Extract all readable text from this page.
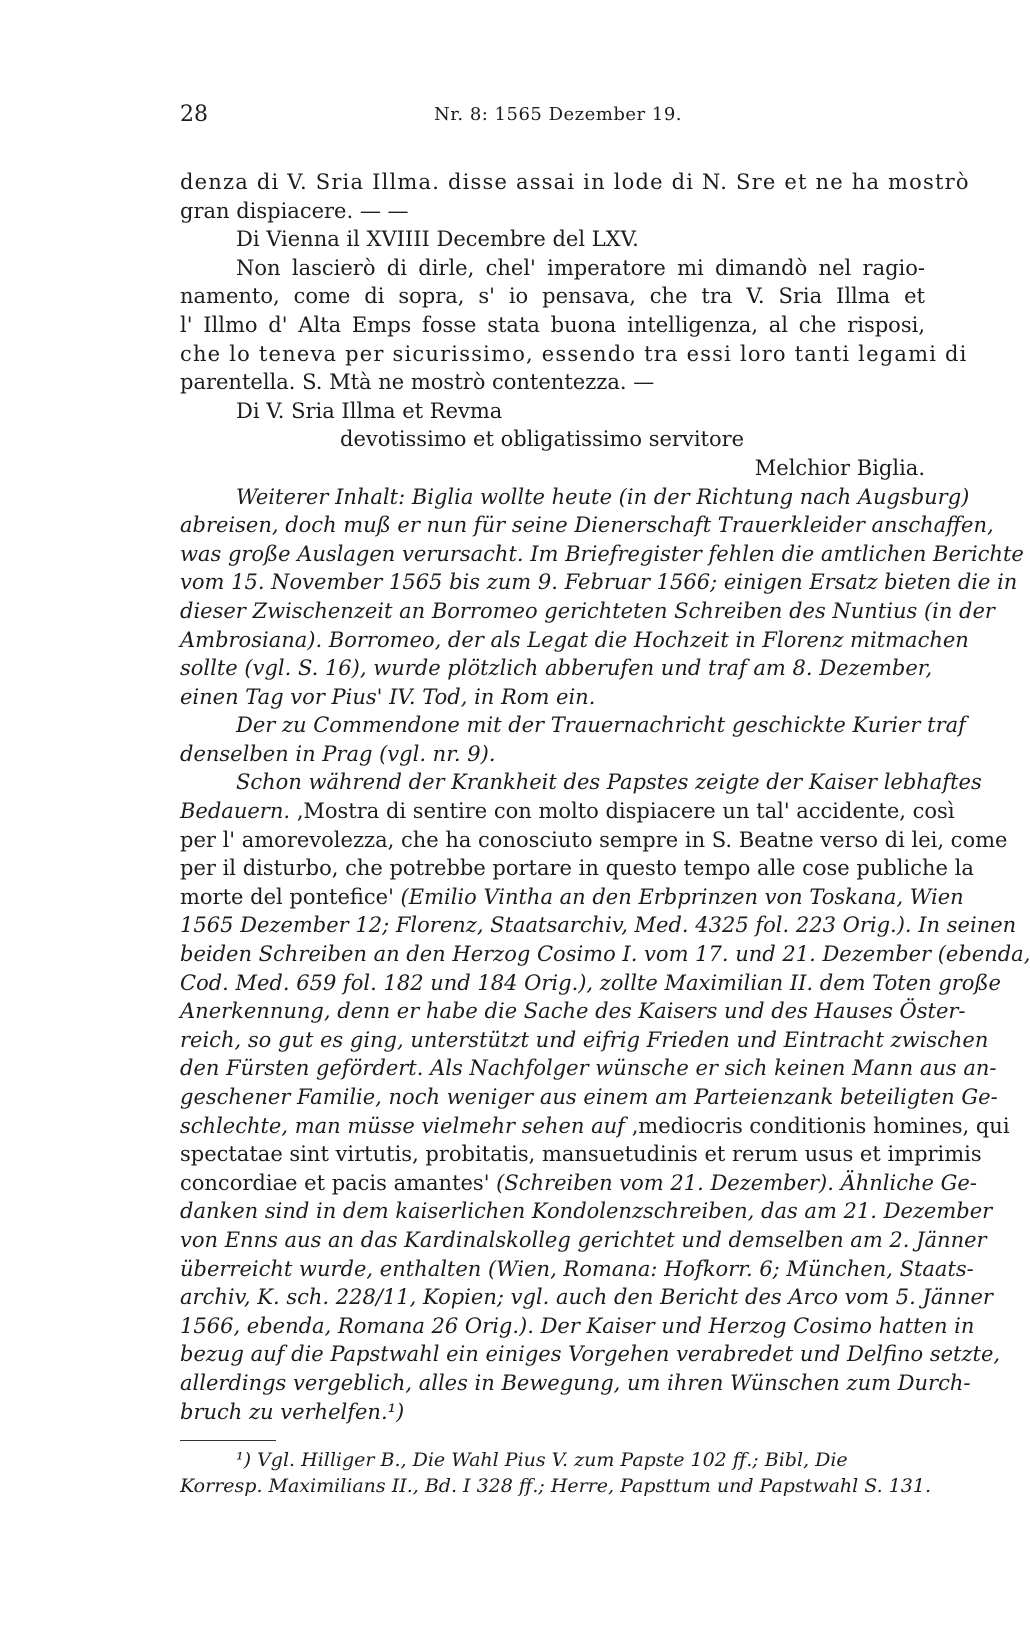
28	Nr. 8: 1565 Dezember 19.
denza di V. Sria Illma. disse assai in lode di N. Sre et ne ha mostrò
gran dispiacere. — —
Di Vienna il XVIIII Decembre del LXV.
Non lascierò di dirle, chel' imperatore mi dimandò nel ragio-
namento, come di sopra, s' io pensava, che tra V. Sria Illma et
l' Illmo d' Alta Emps fosse stata buona intelligenza, al che risposi,
che lo teneva per sicurissimo, essendo tra essi loro tanti legami di
parentella. S. Mtà ne mostrò contentezza. —
Di V. Sria Illma et Revma
devotissimo et obligatissimo servitore
Melchior Biglia.
Weiterer Inhalt: Biglia wollte heute (in der Richtung nach Augsburg)
abreisen, doch muß er nun für seine Dienerschaft Trauerkleider anschaffen,
was große Auslagen verursacht. Im Briefregister fehlen die amtlichen Berichte
vom 15. November 1565 bis zum 9. Februar 1566; einigen Ersatz bieten die in
dieser Zwischenzeit an Borromeo gerichteten Schreiben des Nuntius (in der
Ambrosiana). Borromeo, der als Legat die Hochzeit in Florenz mitmachen
sollte (vgl. S. 16), wurde plötzlich abberufen und traf am 8. Dezember,
einen Tag vor Pius' IV. Tod, in Rom ein.
Der zu Commendone mit der Trauernachricht geschickte Kurier traf
denselben in Prag (vgl. nr. 9).
Schon während der Krankheit des Papstes zeigte der Kaiser lebhaftes
Bedauern. ‚Mostra di sentire con molto dispiacere un tal' accidente, così
per l' amorevolezza, che ha conosciuto sempre in S. Beatne verso di lei, come
per il disturbo, che potrebbe portare in questo tempo alle cose publiche la
morte del pontefice' (Emilio Vintha an den Erbprinzen von Toskana, Wien
1565 Dezember 12; Florenz, Staatsarchiv, Med. 4325 fol. 223 Orig.). In seinen
beiden Schreiben an den Herzog Cosimo I. vom 17. und 21. Dezember (ebenda,
Cod. Med. 659 fol. 182 und 184 Orig.), zollte Maximilian II. dem Toten große
Anerkennung, denn er habe die Sache des Kaisers und des Hauses Öster-
reich, so gut es ging, unterstützt und eifrig Frieden und Eintracht zwischen
den Fürsten gefördert. Als Nachfolger wünsche er sich keinen Mann aus an-
geschener Familie, noch weniger aus einem am Parteienzank beteiligten Ge-
schlechte, man müsse vielmehr sehen auf ‚mediocris conditionis homines, qui
spectatae sint virtutis, probitatis, mansuetudinis et rerum usus et imprimis
concordiae et pacis amantes' (Schreiben vom 21. Dezember). Ähnliche Ge-
danken sind in dem kaiserlichen Kondolenzschreiben, das am 21. Dezember
von Enns aus an das Kardinalskolleg gerichtet und demselben am 2. Jänner
überreicht wurde, enthalten (Wien, Romana: Hofkorr. 6; München, Staats-
archiv, K. sch. 228/11, Kopien; vgl. auch den Bericht des Arco vom 5. Jänner
1566, ebenda, Romana 26 Orig.). Der Kaiser und Herzog Cosimo hatten in
bezug auf die Papstwahl ein einiges Vorgehen verabredet und Delfino setzte,
allerdings vergeblich, alles in Bewegung, um ihren Wünschen zum Durch-
bruch zu verhelfen.¹)
¹) Vgl. Hilliger B., Die Wahl Pius V. zum Papste 102 ff.; Bibl, Die
Korresp. Maximilians II., Bd. I 328 ff.; Herre, Papsttum und Papstwahl S. 131.
